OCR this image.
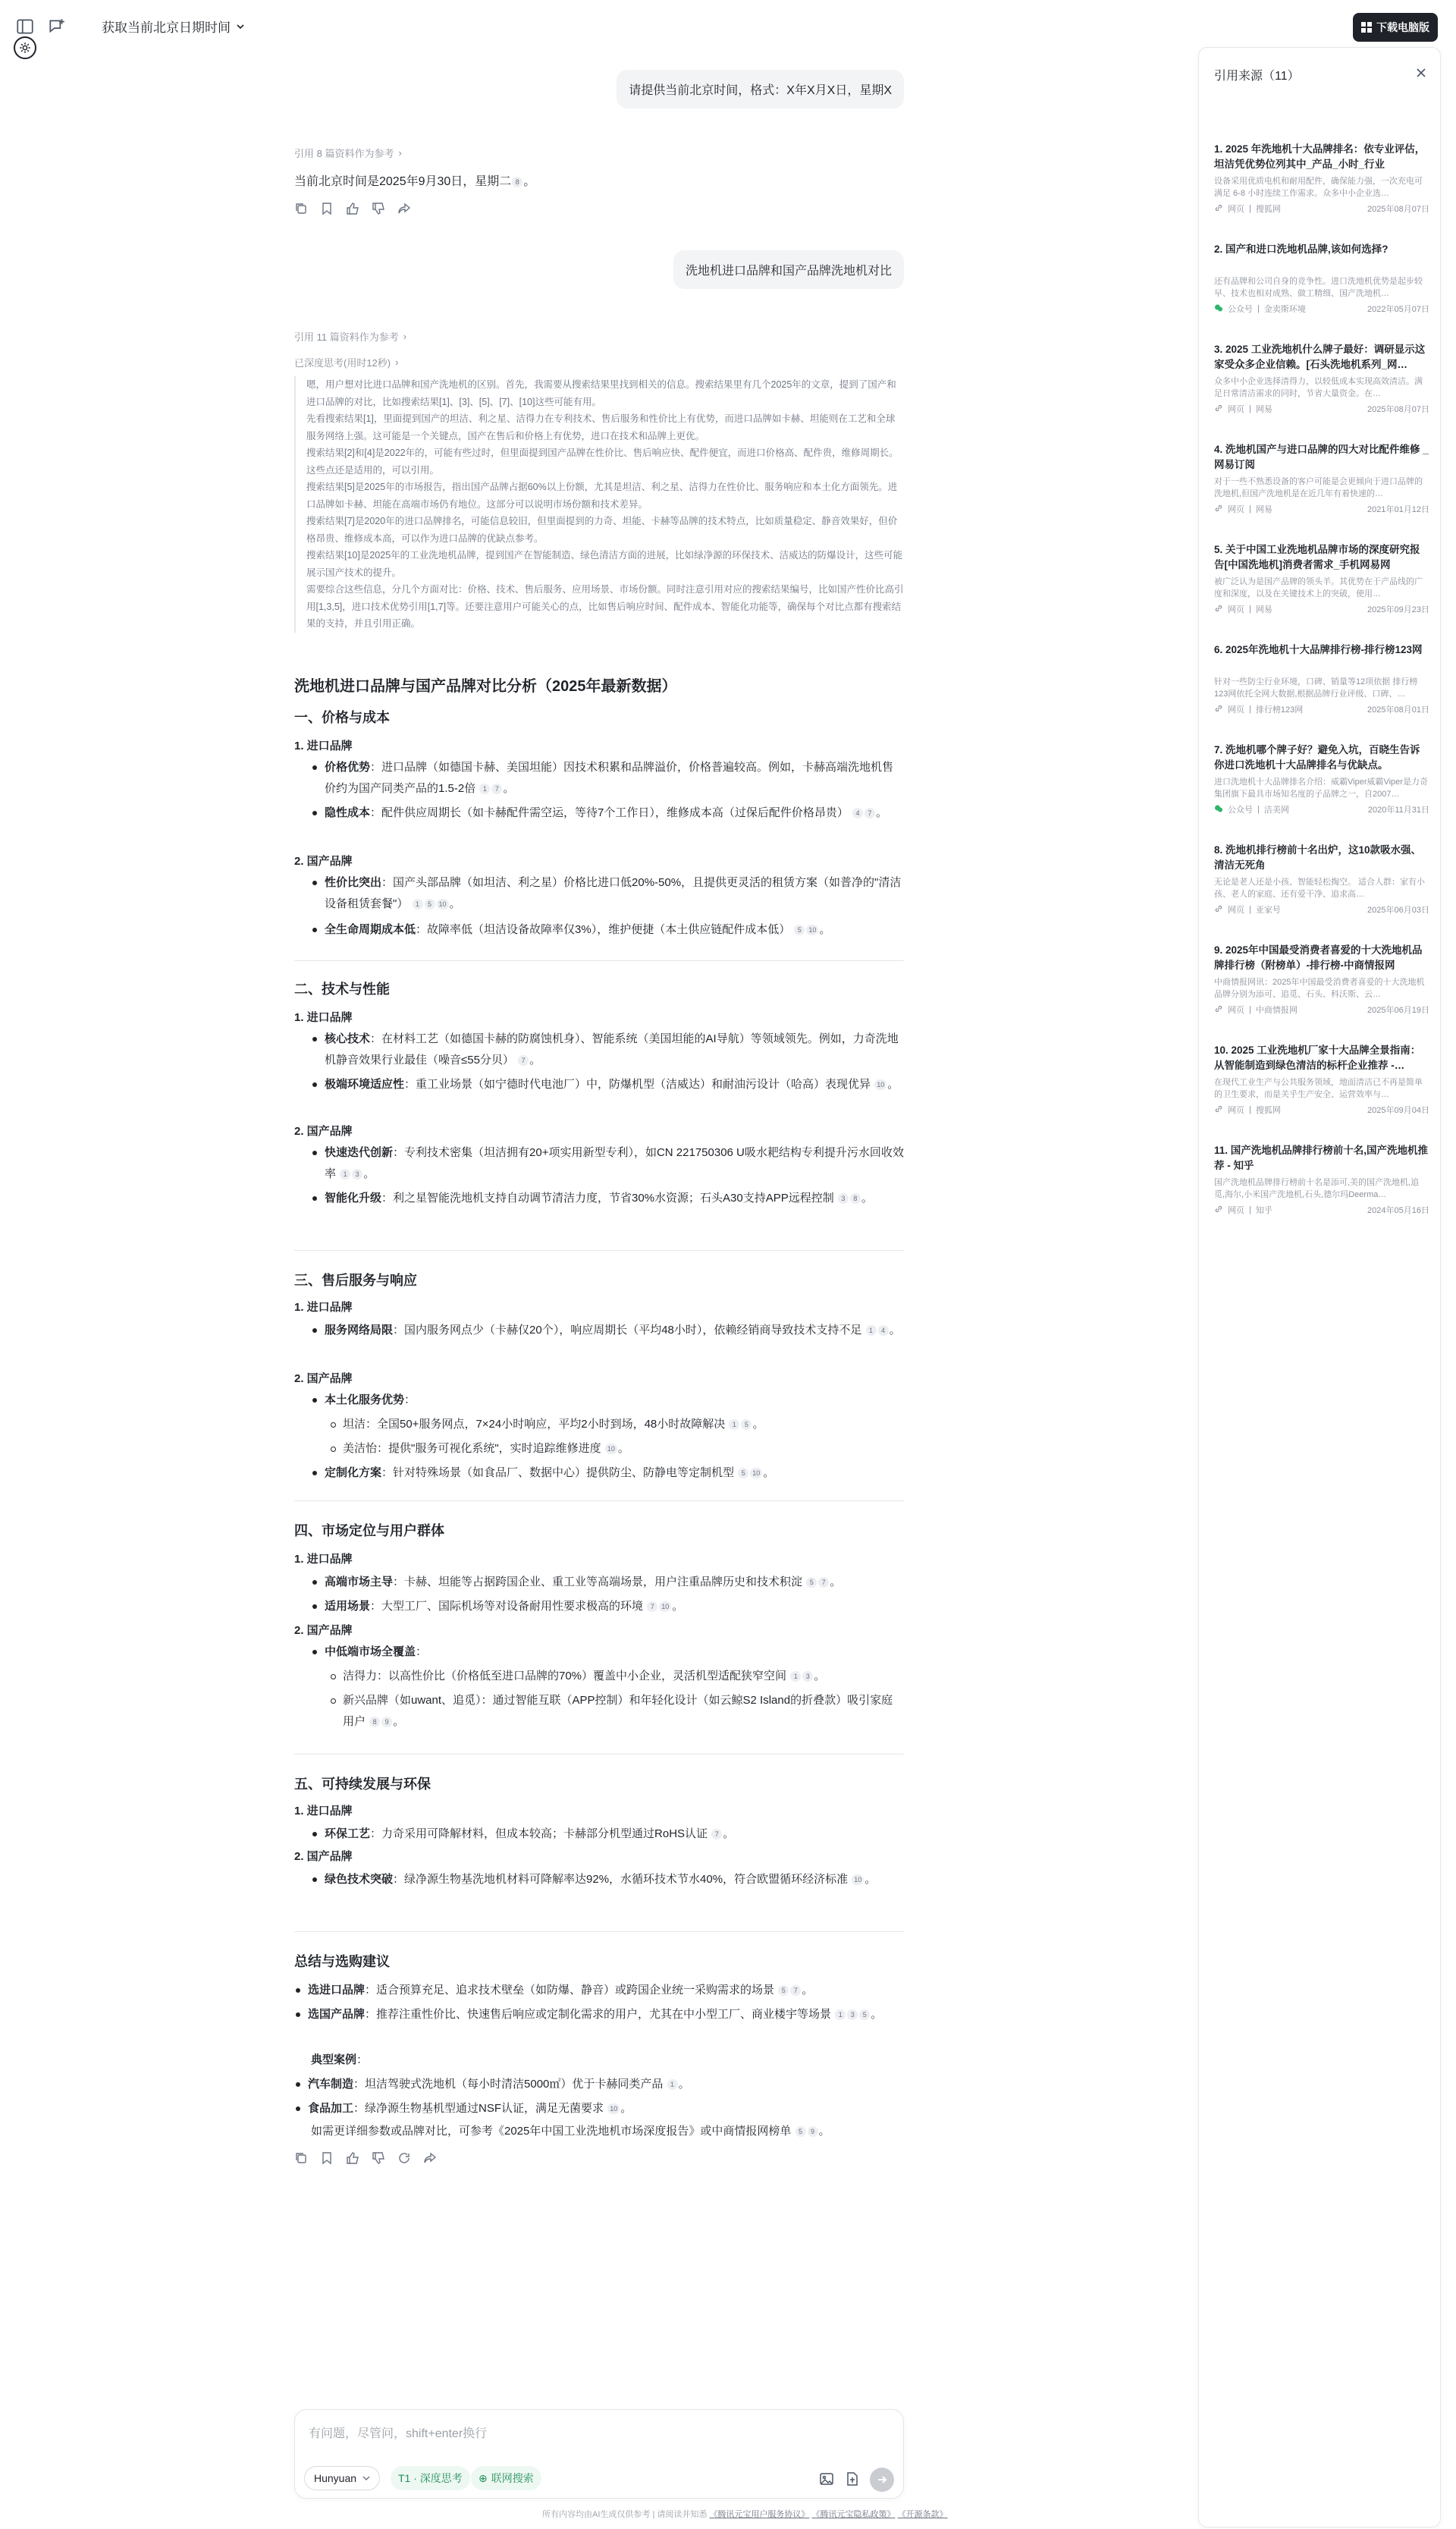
获取当前北京日期时间	下载电脑版
请提供当前北京时间，格式：X年X月X日，星期X
引用 8 篇资料作为参考 ›
当前北京时间是2025年9月30日，星期二 8 。
洗地机进口品牌和国产品牌洗地机对比
引用 11 篇资料作为参考 ›
已深度思考(用时12秒) ›

嗯，用户想对比进口品牌和国产洗地机的区别。首先，我需要从搜索结果里找到相关的信息。搜索结果里有几个2025年的文章，提到了国产和进口品牌的对比，比如搜索结果[1]、[3]、[5]、[7]、[10]这些可能有用。

先看搜索结果[1]，里面提到国产的坦洁、利之星、洁得力在专利技术、售后服务和性价比上有优势，而进口品牌如卡赫、坦能则在工艺和全球服务网络上强。这可能是一个关键点，国产在售后和价格上有优势，进口在技术和品牌上更优。

搜索结果[2]和[4]是2022年的，可能有些过时，但里面提到国产品牌在性价比、售后响应快、配件便宜，而进口价格高、配件贵，维修周期长。这些点还是适用的，可以引用。

搜索结果[5]是2025年的市场报告，指出国产品牌占据60%以上份额，尤其是坦洁、利之星、洁得力在性价比、服务响应和本土化方面领先。进口品牌如卡赫、坦能在高端市场仍有地位。这部分可以说明市场份额和技术差异。

搜索结果[7]是2020年的进口品牌排名，可能信息较旧，但里面提到的力奇、坦能、卡赫等品牌的技术特点，比如质量稳定、静音效果好，但价格昂贵、维修成本高，可以作为进口品牌的优缺点参考。

搜索结果[10]是2025年的工业洗地机品牌，提到国产在智能制造、绿色清洁方面的进展，比如绿净源的环保技术、洁威达的防爆设计，这些可能展示国产技术的提升。

需要综合这些信息，分几个方面对比：价格、技术、售后服务、应用场景、市场份额。同时注意引用对应的搜索结果编号，比如国产性价比高引用[1,3,5]，进口技术优势引用[1,7]等。还要注意用户可能关心的点，比如售后响应时间、配件成本、智能化功能等，确保每个对比点都有搜索结果的支持，并且引用正确。

洗地机进口品牌与国产品牌对比分析（2025年最新数据）
一、价格与成本
1. 进口品牌
价格优势：进口品牌（如德国卡赫、美国坦能）因技术积累和品牌溢价，价格普遍较高。例如，卡赫高端洗地机售价约为国产同类产品的1.5-2倍 1 7 。
隐性成本：配件供应周期长（如卡赫配件需空运，等待7个工作日），维修成本高（过保后配件价格昂贵） 4 7 。
2. 国产品牌
性价比突出：国产头部品牌（如坦洁、利之星）价格比进口低20%-50%，且提供更灵活的租赁方案（如普净的"清洁设备租赁套餐"） 1 5 10 。
全生命周期成本低：故障率低（坦洁设备故障率仅3%），维护便捷（本土供应链配件成本低） 5 10 。
二、技术与性能
1. 进口品牌
核心技术：在材料工艺（如德国卡赫的防腐蚀机身）、智能系统（美国坦能的AI导航）等领域领先。例如，力奇洗地机静音效果行业最佳（噪音≤55分贝） 7 。
极端环境适应性：重工业场景（如宁德时代电池厂）中，防爆机型（洁威达）和耐油污设计（哈高）表现优异 10 。
2. 国产品牌
快速迭代创新：专利技术密集（坦洁拥有20+项实用新型专利），如CN 221750306 U吸水耙结构专利提升污水回收效率 1 3 。
智能化升级：利之星智能洗地机支持自动调节清洁力度，节省30%水资源；石头A30支持APP远程控制 3 8 。
三、售后服务与响应
1. 进口品牌
服务网络局限：国内服务网点少（卡赫仅20个），响应周期长（平均48小时），依赖经销商导致技术支持不足 1 4 。
2. 国产品牌
本土化服务优势：
坦洁：全国50+服务网点，7×24小时响应，平均2小时到场，48小时故障解决 1 5 。
美洁怡：提供"服务可视化系统"，实时追踪维修进度 10 。
定制化方案：针对特殊场景（如食品厂、数据中心）提供防尘、防静电等定制机型 5 10 。
四、市场定位与用户群体
1. 进口品牌
高端市场主导：卡赫、坦能等占据跨国企业、重工业等高端场景，用户注重品牌历史和技术积淀 5 7 。
适用场景：大型工厂、国际机场等对设备耐用性要求极高的环境 7 10 。
2. 国产品牌
中低端市场全覆盖：
洁得力：以高性价比（价格低至进口品牌的70%）覆盖中小企业，灵活机型适配狭窄空间 1 3 。
新兴品牌（如uwant、追觅）：通过智能互联（APP控制）和年轻化设计（如云鲸S2 Island的折叠款）吸引家庭用户 8 9 。
五、可持续发展与环保
1. 进口品牌
环保工艺：力奇采用可降解材料，但成本较高；卡赫部分机型通过RoHS认证 7 。
2. 国产品牌
绿色技术突破：绿净源生物基洗地机材料可降解率达92%，水循环技术节水40%，符合欧盟循环经济标准 10 。
总结与选购建议
选进口品牌：适合预算充足、追求技术壁垒（如防爆、静音）或跨国企业统一采购需求的场景 5 7 。
选国产品牌：推荐注重性价比、快速售后响应或定制化需求的用户，尤其在中小型工厂、商业楼宇等场景 1 3 5 。
典型案例：
汽车制造：坦洁驾驶式洗地机（每小时清洁5000㎡）优于卡赫同类产品 1 。
食品加工：绿净源生物基机型通过NSF认证，满足无菌要求 10 。
如需更详细参数或品牌对比，可参考《2025年中国工业洗地机市场深度报告》或中商情报网榜单 5 9 。
有问题，尽管问，shift+enter换行
Hunyuan	T1 · 深度思考 ⊕ 联网搜索
所有内容均由AI生成仅供参考 | 请阅读并知悉 《腾讯元宝用户服务协议》 《腾讯元宝隐私政策》 《开源条款》
引用来源（11）
1. 2025 年洗地机十大品牌排名：依专业评估，坦洁凭优势位列其中_产品_小时_行业
设备采用优质电机和耐用配件，确保能力强，一次充电可满足 6-8 小时连续工作需求。众多中小企业选…
网页 | 搜狐网	2025年08月07日
2. 国产和进口洗地机品牌,该如何选择?
还有品牌和公司自身的竞争性。进口洗地机优势是起步较早、技术也相对成熟、做工精细、国产洗地机…
公众号 | 金卖斯环境	2022年05月07日
3. 2025 工业洗地机什么牌子最好：调研显示这家受众多企业信赖。[石头洗地机系列_网…
众多中小企业选择清得力，以较低成本实现高效清洁。满足日常清洁需求的同时，节省大量资金。在…
网页 | 网易	2025年08月07日
4. 洗地机国产与进口品牌的四大对比配件维修 _ 网易订阅
对于一些不熟悉设备的客户可能是会更倾向于进口品牌的洗地机,但国产洗地机是在近几年有着快速的…
网页 | 网易	2021年01月12日
5. 关于中国工业洗地机品牌市场的深度研究报告[中国洗地机]消费者需求_手机网易网
被广泛认为是国产品牌的领头羊。其优势在于产品线的广度和深度，以及在关键技术上的突破，使用…
网页 | 网易	2025年09月23日
6. 2025年洗地机十大品牌排行榜-排行榜123网
针对一些防尘行业环境，口碑、销量等12项依据 排行榜123网依托全网大数据,根据品牌行业评级、口碑、…
网页 | 排行榜123网	2025年08月01日
7. 洗地机哪个牌子好？避免入坑，百晓生告诉你进口洗地机十大品牌排名与优缺点。
进口洗地机十大品牌排名介绍：威霸Viper威霸Viper是力奇集团旗下最具市场知名度的子品牌之一，自2007…
公众号 | 洁美网	2020年11月31日
8. 洗地机排行榜前十名出炉，这10款吸水强、清洁无死角
无论是老人还是小孩、智能轻松掏空。 适合人群：家有小孩、老人的家庭、还有爱干净、追求高…
网页 | 亚家号	2025年06月03日
9. 2025年中国最受消费者喜爱的十大洗地机品牌排行榜（附榜单）-排行榜-中商情报网
中商情报网讯：2025年中国最受消费者喜爱的十大洗地机品牌分别为添可、追觅、石头、科沃斯、云…
网页 | 中商情报网	2025年06月19日
10. 2025 工业洗地机厂家十大品牌全景指南：从智能制造到绿色清洁的标杆企业推荐 -…
在现代工业生产与公共服务领域，地面清洁已不再是简单的卫生要求，而是关乎生产安全、运营效率与…
网页 | 搜狐网	2025年09月04日
11. 国产洗地机品牌排行榜前十名,国产洗地机推荐 - 知乎
国产洗地机品牌排行榜前十名是添可,美的国产洗地机,追觅,海尔,小米国产洗地机,石头,德尔玛Deerma…
网页 | 知乎	2024年05月16日
